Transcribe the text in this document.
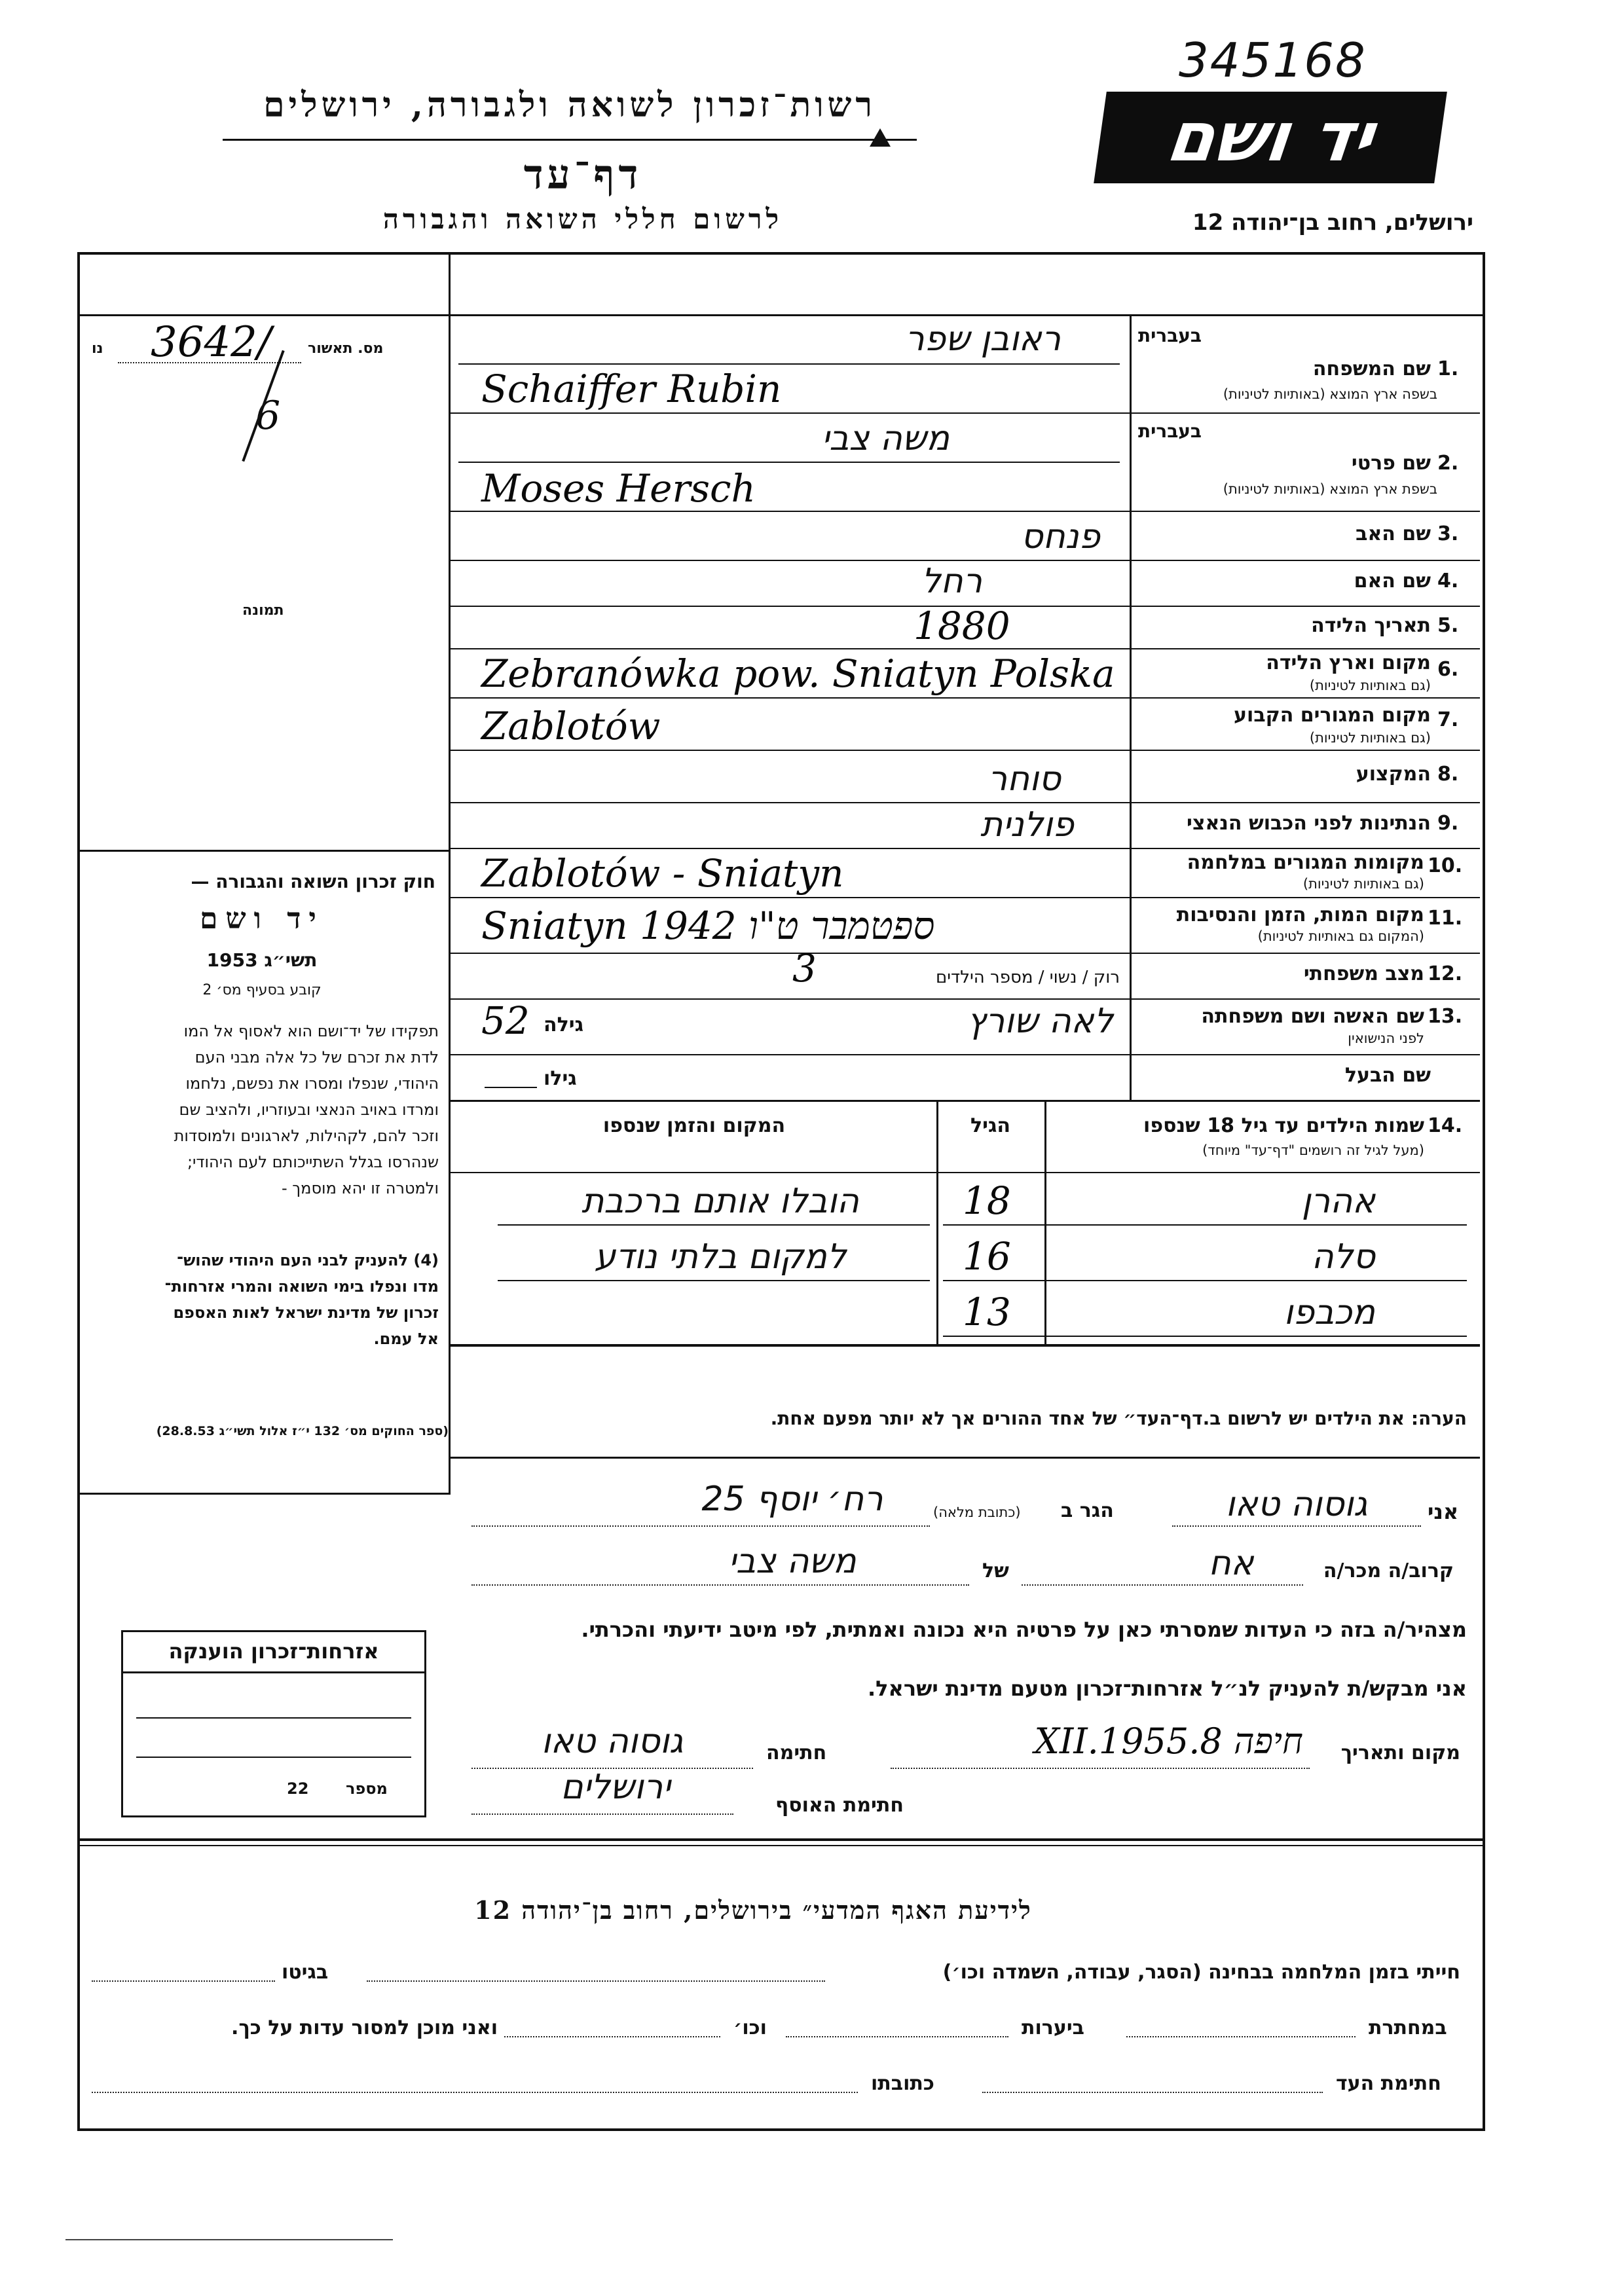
345168
רשות־זכרון לשואה ולגבורה, ירושלים
דף־עד
לרשום חללי השואה והגבורה
יד ושם
ירושלים, רחוב בן־יהודה 12
מס. תאשור
נו 3642/
6
תמונה
חוק זכרון השואה והגבורה —
יד ושם
תשי״ג 1953
קובע בסעיף מס׳ 2
תפקידו של יד־ושם הוא לאסוף אל המו
לדת את זכרם של כל אלה מבני העם
היהודי, שנפלו ומסרו את נפשם, נלחמו
ומרדו באויב הנאצי ובעוזריו, ולהציב שם
וזכר להם, לקהילות, לארגונים ולמוסדות
שנהרסו בגלל השתייכותם לעם היהודי;
ולמטרה זו יהא מוסמך -
(4) להעניק לבני העם היהודי שהוש־
מדו ונפלו בימי השואה והמרי אזרחות־
זכרון של מדינת ישראל לאות האספם
אל עמם.
(ספר החוקים מס׳ 132 י״ז אלול תשי״ג 28.8.53)
בעברית
1.
שם המשפחה
בשפה ארץ המוצא (באותיות לטיניות)
ראובן שפר
Schaiffer Rubin
בעברית
2.
שם פרטי
בשפת ארץ המוצא (באותיות לטיניות)
משה צבי
Moses Hersch
3.
שם האב
פנחס
4.
שם האם
רחל
5.
תאריך הלידה
1880
6.
מקום וארץ הלידה
(גם באותיות לטיניות)
Zebranówka pow. Sniatyn Polska
7.
מקום המגורים הקבוע
(גם באותיות לטיניות)
Zablotów
8.
המקצוע
סוחר
9.
הנתינות לפני הכבוש הנאצי
פולנית
10.
מקומות המגורים במלחמה
(גם באותיות לטיניות)
Zablotów - Sniatyn
11.
מקום המות, הזמן והנסיבות
(המקום גם באותיות לטיניות)
Sniatyn 1942 ספטמבר ט"ו
12.
מצב משפחתי
רוק / נשוי / מספר הילדים
3
13.
שם האשה ושם משפחתה
לפני הנישואין
לאה שורץ
גילה
52
שם הבעל
גילו
14.
שמות הילדים עד גיל 18 שנספו
(מעל לגיל זה רושמים "דף־עד" מיוחד)
הגיל
המקום והזמן שנספו
אהרן
18
הובלו אותם ברכבת
סלה
16
למקום בלתי נודע
מכבפו
13
הערה: את הילדים יש לרשום ב.דף־העד״ של אחד ההורים אך לא יותר מפעם אחת.
אני
גוסוה טאו
הגר ב
(כתובת מלאה)
רח׳ יוסף 25
קרוב/ה מכר/ה
אח
של
משה צבי
מצהיר/ה בזה כי העדות שמסרתי כאן על פרטיה היא נכונה ואמתית, לפי מיטב ידיעתי והכרתי.
אני מבקש/ת להעניק לנ״ל אזרחות־זכרון מטעם מדינת ישראל.
מקום ותאריך
חיפה 8.XII.1955
חתימה
גוסוה טאו
חתימת האוסף
ירושלים
אזרחות־זכרון הוענקה
מספר
22
לידיעת האגף המדעי״ בירושלים, רחוב בן־יהודה 12
חייתי בזמן המלחמה בבחינה (הסגר, עבודה, השמדה וכו׳)
בגיטו
במחתרת
ביערות
וכו׳
ואני מוכן למסור עדות על כך.
חתימת העד
כתובתו
